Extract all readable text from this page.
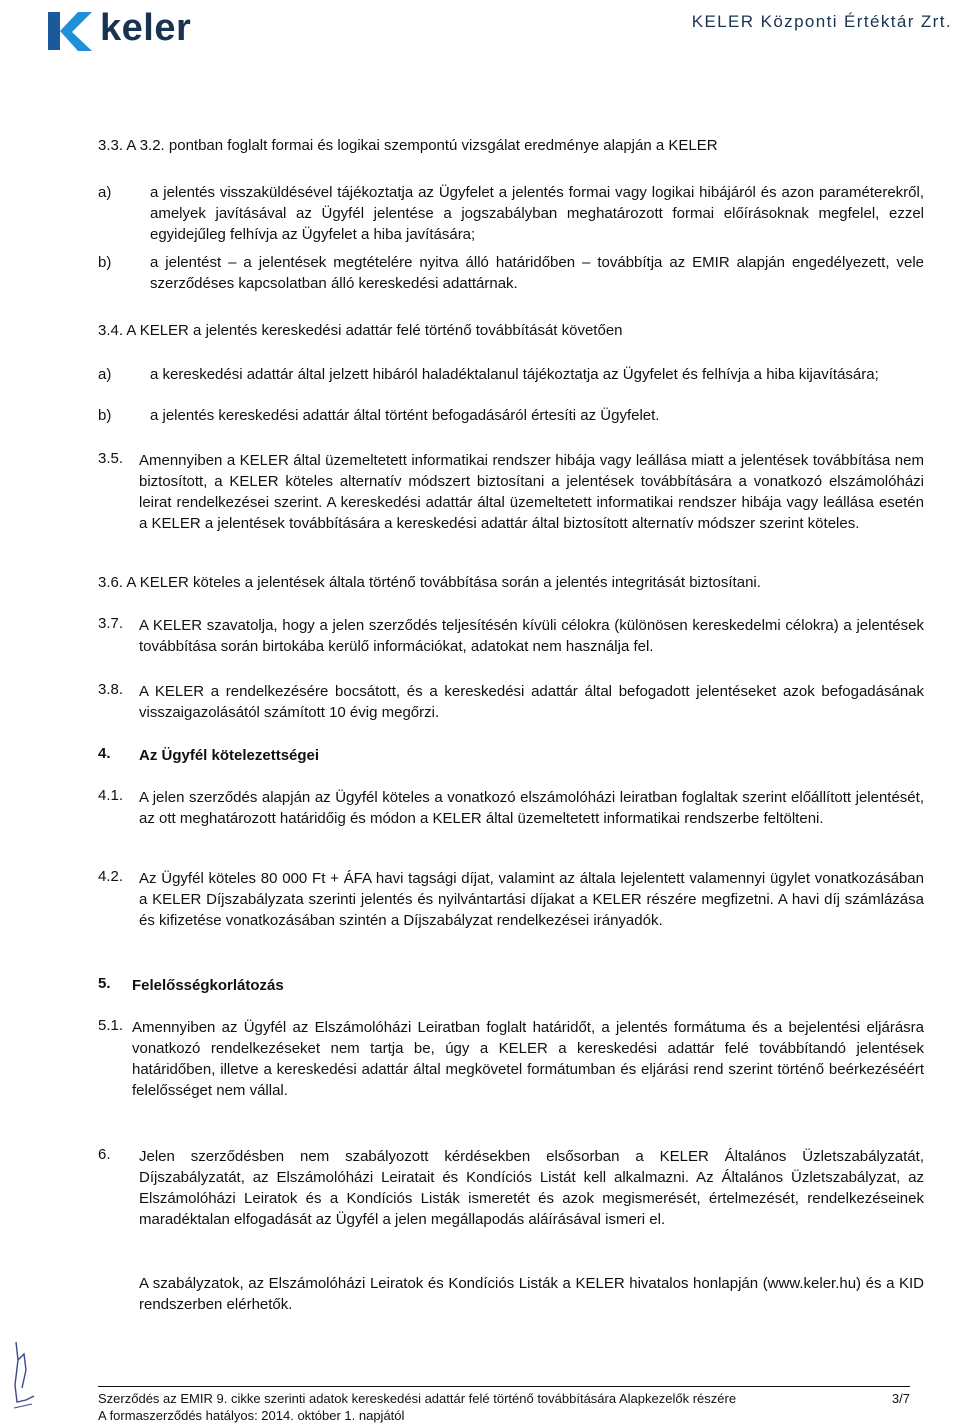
keler	KELER Központi Értéktár Zrt.
3.3. A 3.2. pontban foglalt formai és logikai szempontú vizsgálat eredménye alapján a KELER
a)	a jelentés visszaküldésével tájékoztatja az Ügyfelet a jelentés formai vagy logikai hibájáról és azon paraméterekről, amelyek javításával az Ügyfél jelentése a jogszabályban meghatározott formai előírásoknak megfelel, ezzel egyidejűleg felhívja az Ügyfelet a hiba javítására;
b)	a jelentést – a jelentések megtételére nyitva álló határidőben – továbbítja az EMIR alapján engedélyezett, vele szerződéses kapcsolatban álló kereskedési adattárnak.
3.4. A KELER a jelentés kereskedési adattár felé történő továbbítását követően
a)	a kereskedési adattár által jelzett hibáról haladéktalanul tájékoztatja az Ügyfelet és felhívja a hiba kijavítására;
b)	a jelentés kereskedési adattár által történt befogadásáról értesíti az Ügyfelet.
3.5. Amennyiben a KELER által üzemeltetett informatikai rendszer hibája vagy leállása miatt a jelentések továbbítása nem biztosított, a KELER köteles alternatív módszert biztosítani a jelentések továbbítására a vonatkozó elszámolóházi leirat rendelkezései szerint. A kereskedési adattár által üzemeltetett informatikai rendszer hibája vagy leállása esetén a KELER a jelentések továbbítására a kereskedési adattár által biztosított alternatív módszer szerint köteles.
3.6. A KELER köteles a jelentések általa történő továbbítása során a jelentés integritását biztosítani.
3.7. A KELER szavatolja, hogy a jelen szerződés teljesítésén kívüli célokra (különösen kereskedelmi célokra) a jelentések továbbítása során birtokába kerülő információkat, adatokat nem használja fel.
3.8. A KELER a rendelkezésére bocsátott, és a kereskedési adattár által befogadott jelentéseket azok befogadásának visszaigazolásától számított 10 évig megőrzi.
4. Az Ügyfél kötelezettségei
4.1. A jelen szerződés alapján az Ügyfél köteles a vonatkozó elszámolóházi leiratban foglaltak szerint előállított jelentését, az ott meghatározott határidőig és módon a KELER által üzemeltetett informatikai rendszerbe feltölteni.
4.2. Az Ügyfél köteles 80 000 Ft + ÁFA havi tagsági díjat, valamint az általa lejelentett valamennyi ügylet vonatkozásában a KELER Díjszabályzata szerinti jelentés és nyilvántartási díjakat a KELER részére megfizetni. A havi díj számlázása és kifizetése vonatkozásában szintén a Díjszabályzat rendelkezései irányadók.
5. Felelősségkorlátozás
5.1. Amennyiben az Ügyfél az Elszámolóházi Leiratban foglalt határidőt, a jelentés formátuma és a bejelentési eljárásra vonatkozó rendelkezéseket nem tartja be, úgy a KELER a kereskedési adattár felé továbbítandó jelentések határidőben, illetve a kereskedési adattár által megkövetel formátumban és eljárási rend szerint történő beérkezéséért felelősséget nem vállal.
6. Jelen szerződésben nem szabályozott kérdésekben elsősorban a KELER Általános Üzletszabályzatát, Díjszabályzatát, az Elszámolóházi Leiratait és Kondíciós Listát kell alkalmazni. Az Általános Üzletszabályzat, az Elszámolóházi Leiratok és a Kondíciós Listák ismeretét és azok megismerését, értelmezését, rendelkezéseinek maradéktalan elfogadását az Ügyfél a jelen megállapodás aláírásával ismeri el.
A szabályzatok, az Elszámolóházi Leiratok és Kondíciós Listák a KELER hivatalos honlapján (www.keler.hu) és a KID rendszerben elérhetők.
Szerződés az EMIR 9. cikke szerinti adatok kereskedési adattár felé történő továbbítására Alapkezelők részére	3/7
A formaszerződés hatályos: 2014. október 1. napjától
